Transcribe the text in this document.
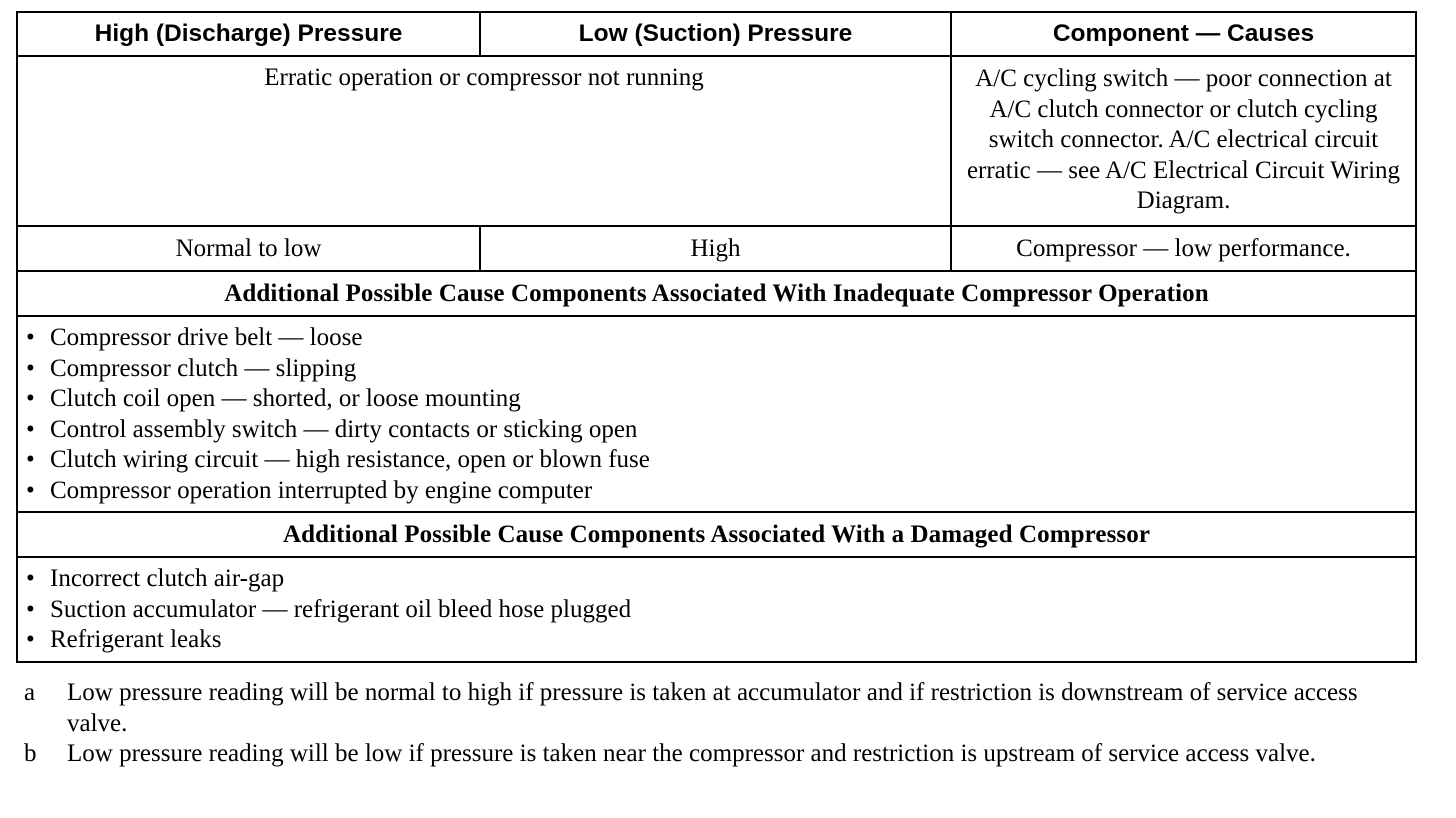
High (Discharge) Pressure	Low (Suction) Pressure	Component — Causes
Erratic operation or compressor not running	A/C cycling switch — poor connection at A/C clutch connector or clutch cycling switch connector. A/C electrical circuit erratic — see A/C Electrical Circuit Wiring Diagram.
Normal to low	High	Compressor — low performance.
Additional Possible Cause Components Associated With Inadequate Compressor Operation
• Compressor drive belt — loose
• Compressor clutch — slipping
• Clutch coil open — shorted, or loose mounting
• Control assembly switch — dirty contacts or sticking open
• Clutch wiring circuit — high resistance, open or blown fuse
• Compressor operation interrupted by engine computer
Additional Possible Cause Components Associated With a Damaged Compressor
• Incorrect clutch air-gap
• Suction accumulator — refrigerant oil bleed hose plugged
• Refrigerant leaks
a	Low pressure reading will be normal to high if pressure is taken at accumulator and if restriction is downstream of service access valve.
b	Low pressure reading will be low if pressure is taken near the compressor and restriction is upstream of service access valve.
